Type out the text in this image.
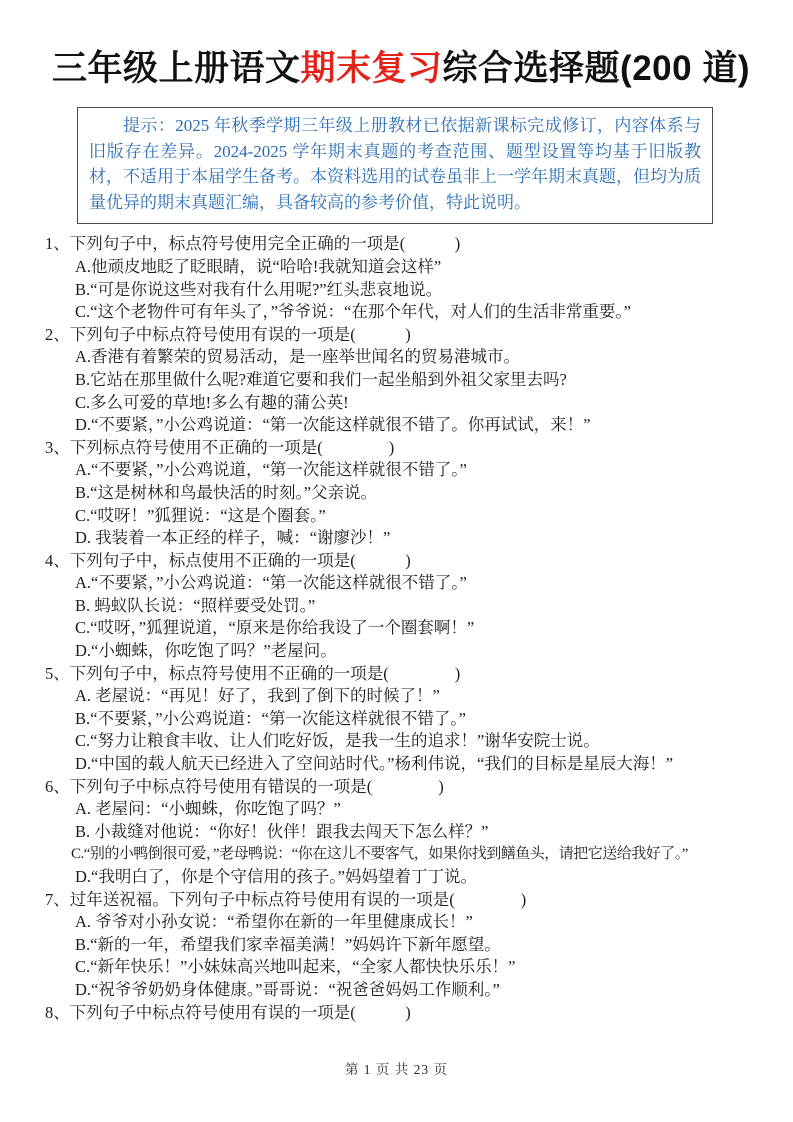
三年级上册语文期末复习综合选择题(200 道)

提示：2025 年秋季学期三年级上册教材已依据新课标完成修订，内容体系与旧版存在差异。2024-2025 学年期末真题的考查范围、题型设置等均基于旧版教材，不适用于本届学生备考。本资料选用的试卷虽非上一学年期末真题，但均为质量优异的期末真题汇编，具备较高的参考价值，特此说明。

1、下列句子中，标点符号使用完全正确的一项是(　　　)
A.他顽皮地眨了眨眼睛，说“哈哈!我就知道会这样”
B.“可是你说这些对我有什么用呢?”红头悲哀地说。
C.“这个老物件可有年头了，”爷爷说：“在那个年代，对人们的生活非常重要。”
2、下列句子中标点符号使用有误的一项是(　　　)
A.香港有着繁荣的贸易活动，是一座举世闻名的贸易港城市。
B.它站在那里做什么呢?难道它要和我们一起坐船到外祖父家里去吗?
C.多么可爱的草地!多么有趣的蒲公英!
D.“不要紧，”小公鸡说道：“第一次能这样就很不错了。你再试试，来！”
3、下列标点符号使用不正确的一项是(　　　　)
A.“不要紧，”小公鸡说道，“第一次能这样就很不错了。”
B.“这是树林和鸟最快活的时刻。”父亲说。
C.“哎呀！”狐狸说：“这是个圈套。”
D. 我装着一本正经的样子，喊：“谢廖沙！”
4、下列句子中，标点使用不正确的一项是(　　　)
A.“不要紧，”小公鸡说道：“第一次能这样就很不错了。”
B. 蚂蚁队长说：“照样要受处罚。”
C.“哎呀，”狐狸说道，“原来是你给我设了一个圈套啊！”
D.“小蜘蛛，你吃饱了吗？”老屋问。
5、下列句子中，标点符号使用不正确的一项是(　　　　)
A. 老屋说：“再见！好了，我到了倒下的时候了！”
B.“不要紧，”小公鸡说道：“第一次能这样就很不错了。”
C.“努力让粮食丰收、让人们吃好饭，是我一生的追求！”谢华安院士说。
D.“中国的载人航天已经进入了空间站时代。”杨利伟说，“我们的目标是星辰大海！”
6、下列句子中标点符号使用有错误的一项是(　　　　)
A. 老屋问：“小蜘蛛，你吃饱了吗？”
B. 小裁缝对他说：“你好！伙伴！跟我去闯天下怎么样？”
C.“别的小鸭倒很可爱，”老母鸭说：“你在这儿不要客气，如果你找到鳝鱼头，请把它送给我好了。”
D.“我明白了，你是个守信用的孩子。”妈妈望着丁丁说。
7、过年送祝福。下列句子中标点符号使用有误的一项是(　　　　)
A. 爷爷对小孙女说：“希望你在新的一年里健康成长！”
B.“新的一年，希望我们家幸福美满！”妈妈许下新年愿望。
C.“新年快乐！”小妹妹高兴地叫起来，“全家人都快快乐乐！”
D.“祝爷爷奶奶身体健康。”哥哥说：“祝爸爸妈妈工作顺利。”
8、下列句子中标点符号使用有误的一项是(　　　)
第 1 页 共 23 页
